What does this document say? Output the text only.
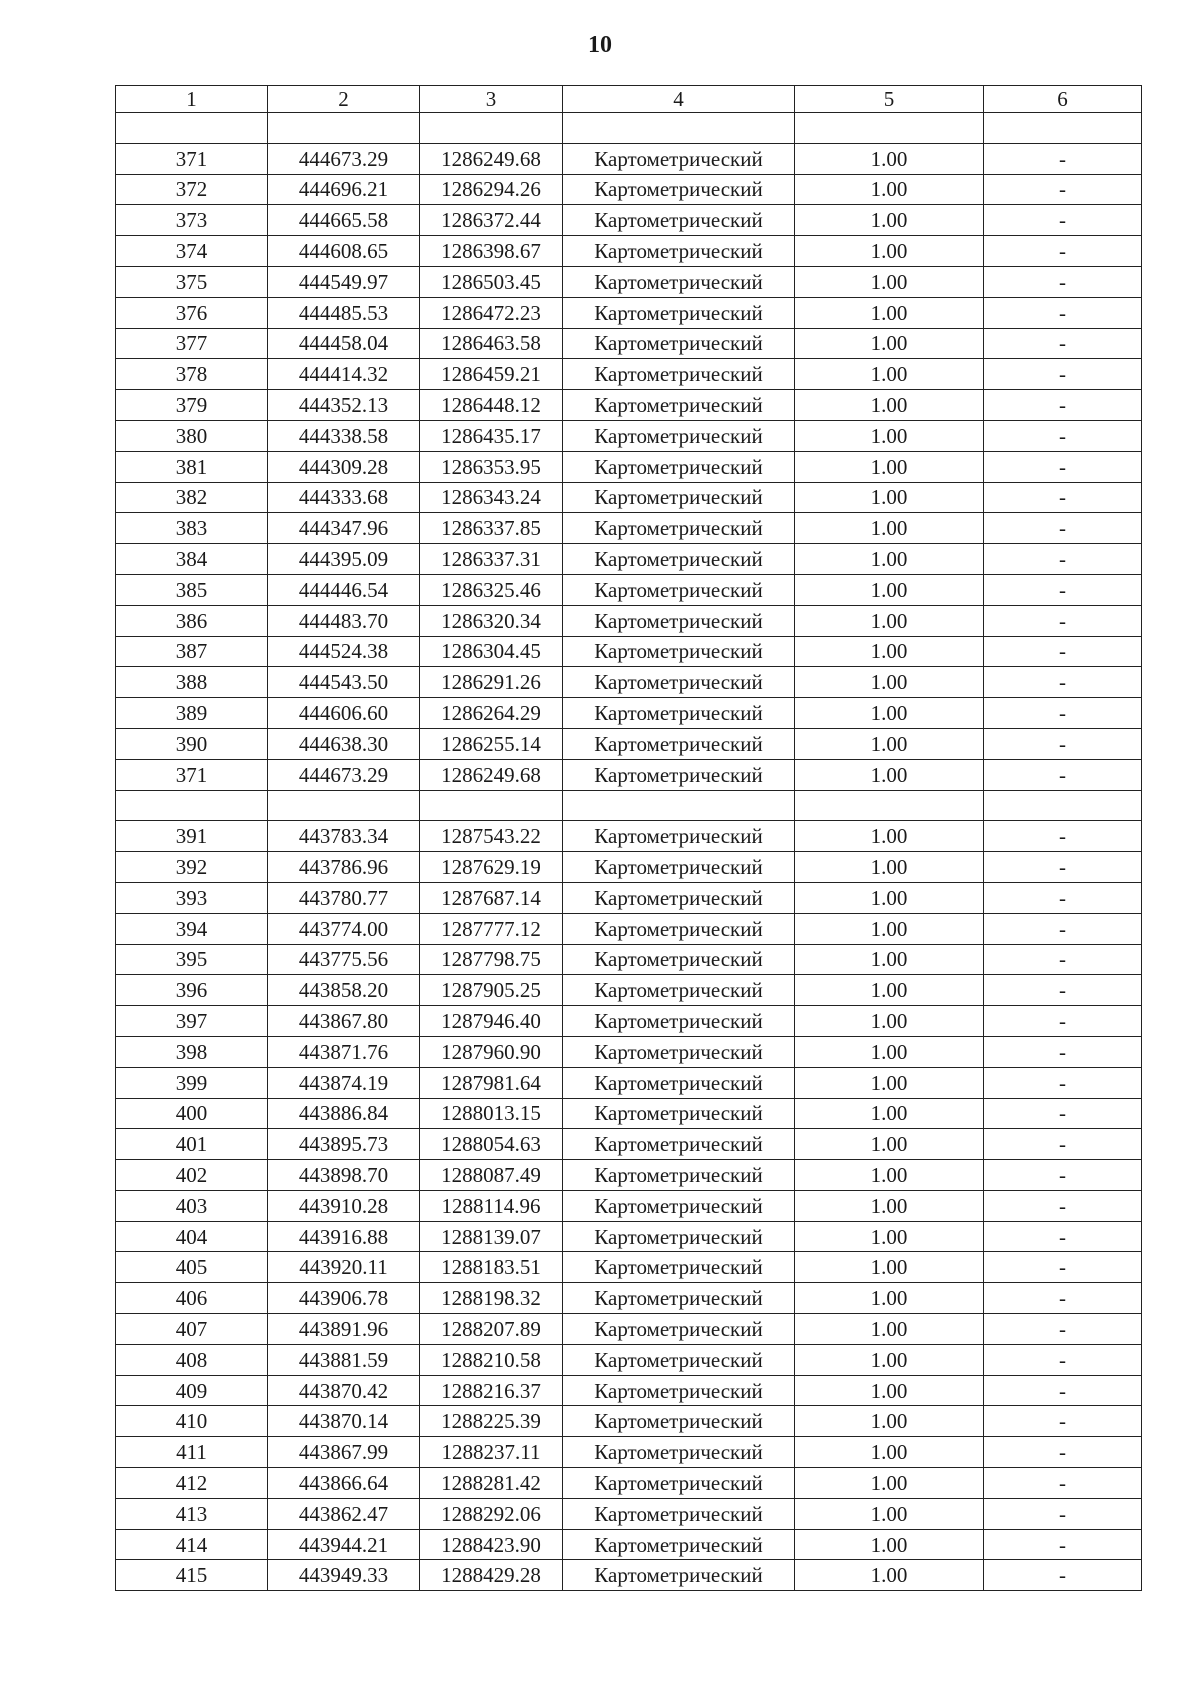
10
1	2	3	4	5	6

371	444673.29	1286249.68	Картометрический	1.00	-
372	444696.21	1286294.26	Картометрический	1.00	-
373	444665.58	1286372.44	Картометрический	1.00	-
374	444608.65	1286398.67	Картометрический	1.00	-
375	444549.97	1286503.45	Картометрический	1.00	-
376	444485.53	1286472.23	Картометрический	1.00	-
377	444458.04	1286463.58	Картометрический	1.00	-
378	444414.32	1286459.21	Картометрический	1.00	-
379	444352.13	1286448.12	Картометрический	1.00	-
380	444338.58	1286435.17	Картометрический	1.00	-
381	444309.28	1286353.95	Картометрический	1.00	-
382	444333.68	1286343.24	Картометрический	1.00	-
383	444347.96	1286337.85	Картометрический	1.00	-
384	444395.09	1286337.31	Картометрический	1.00	-
385	444446.54	1286325.46	Картометрический	1.00	-
386	444483.70	1286320.34	Картометрический	1.00	-
387	444524.38	1286304.45	Картометрический	1.00	-
388	444543.50	1286291.26	Картометрический	1.00	-
389	444606.60	1286264.29	Картометрический	1.00	-
390	444638.30	1286255.14	Картометрический	1.00	-
371	444673.29	1286249.68	Картометрический	1.00	-

391	443783.34	1287543.22	Картометрический	1.00	-
392	443786.96	1287629.19	Картометрический	1.00	-
393	443780.77	1287687.14	Картометрический	1.00	-
394	443774.00	1287777.12	Картометрический	1.00	-
395	443775.56	1287798.75	Картометрический	1.00	-
396	443858.20	1287905.25	Картометрический	1.00	-
397	443867.80	1287946.40	Картометрический	1.00	-
398	443871.76	1287960.90	Картометрический	1.00	-
399	443874.19	1287981.64	Картометрический	1.00	-
400	443886.84	1288013.15	Картометрический	1.00	-
401	443895.73	1288054.63	Картометрический	1.00	-
402	443898.70	1288087.49	Картометрический	1.00	-
403	443910.28	1288114.96	Картометрический	1.00	-
404	443916.88	1288139.07	Картометрический	1.00	-
405	443920.11	1288183.51	Картометрический	1.00	-
406	443906.78	1288198.32	Картометрический	1.00	-
407	443891.96	1288207.89	Картометрический	1.00	-
408	443881.59	1288210.58	Картометрический	1.00	-
409	443870.42	1288216.37	Картометрический	1.00	-
410	443870.14	1288225.39	Картометрический	1.00	-
411	443867.99	1288237.11	Картометрический	1.00	-
412	443866.64	1288281.42	Картометрический	1.00	-
413	443862.47	1288292.06	Картометрический	1.00	-
414	443944.21	1288423.90	Картометрический	1.00	-
415	443949.33	1288429.28	Картометрический	1.00	-
